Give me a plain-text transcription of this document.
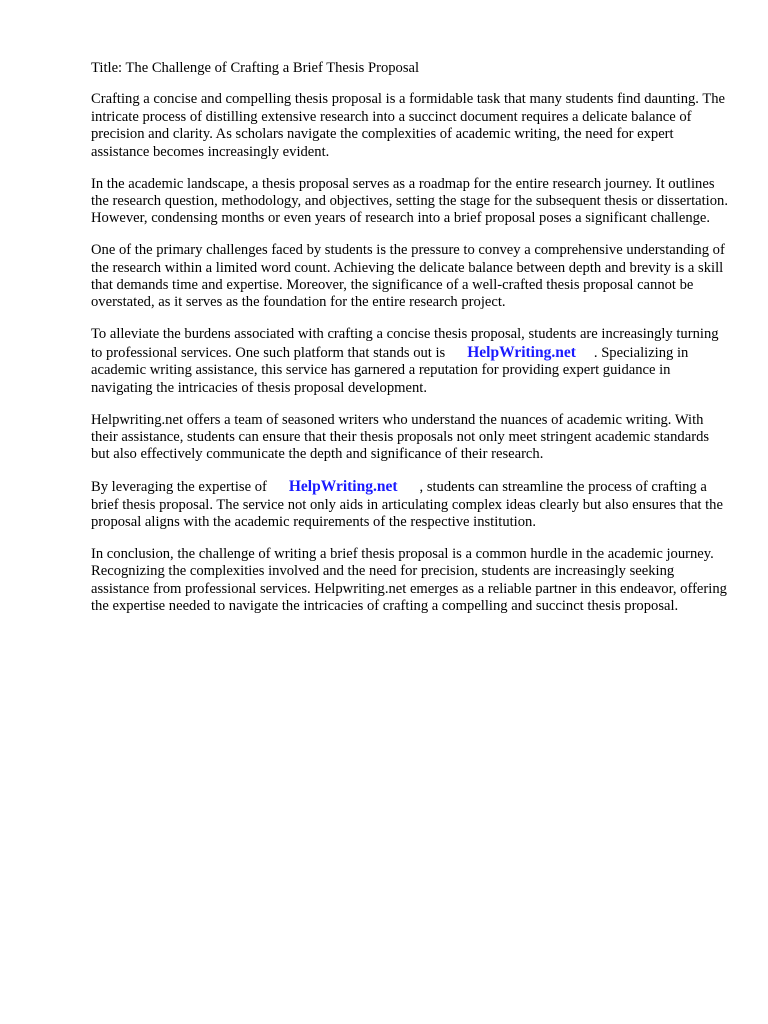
Title: The Challenge of Crafting a Brief Thesis Proposal

Crafting a concise and compelling thesis proposal is a formidable task that many students find daunting. The intricate process of distilling extensive research into a succinct document requires a delicate balance of precision and clarity. As scholars navigate the complexities of academic writing, the need for expert assistance becomes increasingly evident.

In the academic landscape, a thesis proposal serves as a roadmap for the entire research journey. It outlines the research question, methodology, and objectives, setting the stage for the subsequent thesis or dissertation. However, condensing months or even years of research into a brief proposal poses a significant challenge.

One of the primary challenges faced by students is the pressure to convey a comprehensive understanding of the research within a limited word count. Achieving the delicate balance between depth and brevity is a skill that demands time and expertise. Moreover, the significance of a well-crafted thesis proposal cannot be overstated, as it serves as the foundation for the entire research project.

To alleviate the burdens associated with crafting a concise thesis proposal, students are increasingly turning to professional services. One such platform that stands out is HelpWriting.net . Specializing in academic writing assistance, this service has garnered a reputation for providing expert guidance in navigating the intricacies of thesis proposal development.

Helpwriting.net offers a team of seasoned writers who understand the nuances of academic writing. With their assistance, students can ensure that their thesis proposals not only meet stringent academic standards but also effectively communicate the depth and significance of their research.

By leveraging the expertise of HelpWriting.net , students can streamline the process of crafting a brief thesis proposal. The service not only aids in articulating complex ideas clearly but also ensures that the proposal aligns with the academic requirements of the respective institution.

In conclusion, the challenge of writing a brief thesis proposal is a common hurdle in the academic journey. Recognizing the complexities involved and the need for precision, students are increasingly seeking assistance from professional services. Helpwriting.net emerges as a reliable partner in this endeavor, offering the expertise needed to navigate the intricacies of crafting a compelling and succinct thesis proposal.
